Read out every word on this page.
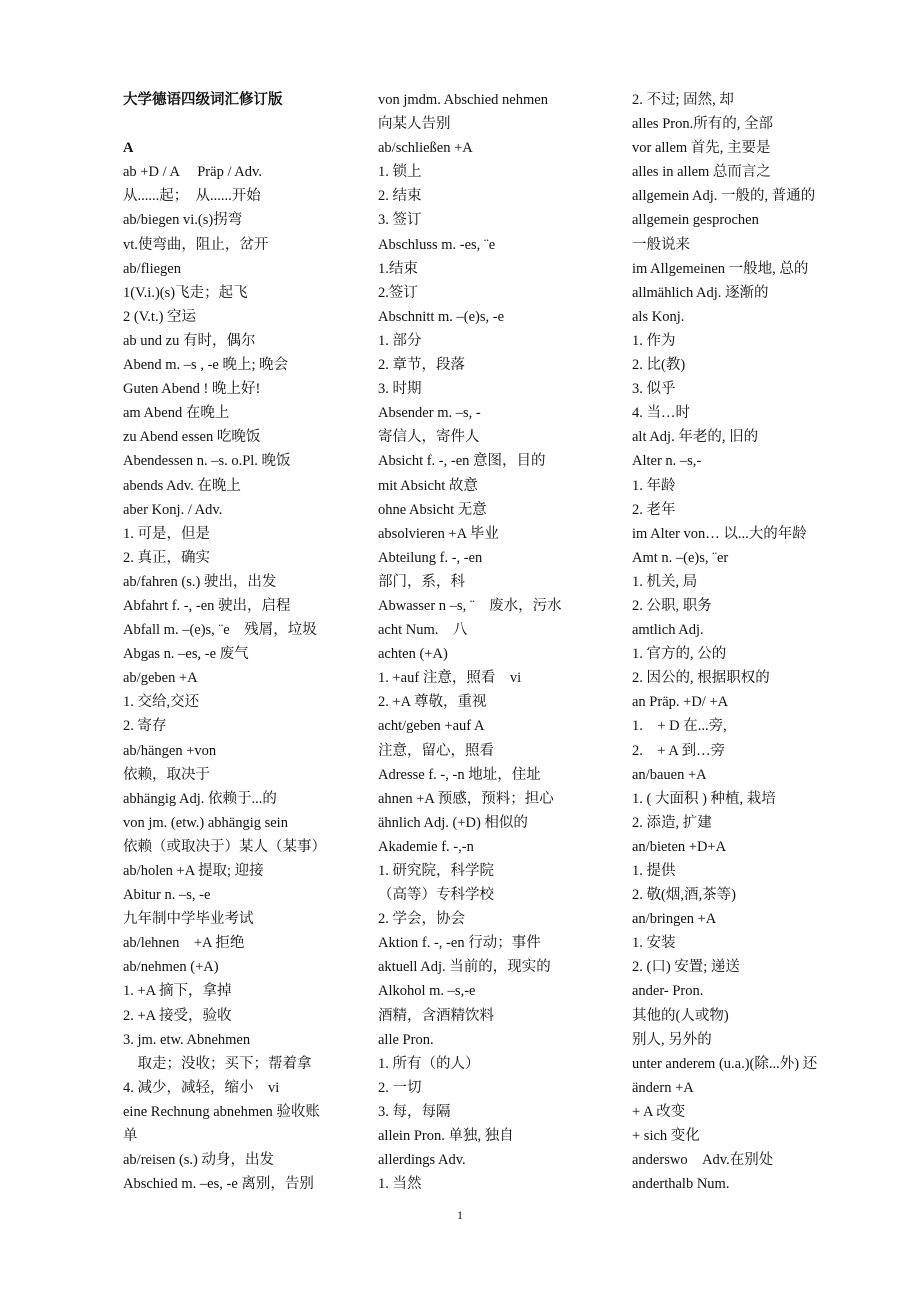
大学德语四级词汇修订版
A
ab +D / A　 Präp / Adv.
从......起；　从......开始
ab/biegen vi.(s)拐弯
vt.使弯曲，阻止，岔开
ab/fliegen
1(V.i.)(s)飞走；起飞
2 (V.t.) 空运
ab und zu 有时，偶尔
Abend m. –s , -e 晚上; 晚会
Guten Abend ! 晚上好!
am Abend 在晚上
zu Abend essen 吃晚饭
Abendessen n. –s. o.Pl. 晚饭
abends Adv. 在晚上
aber Konj. / Adv.
1. 可是，但是
2. 真正，确实
ab/fahren (s.) 驶出，出发
Abfahrt f. -, -en 驶出，启程
Abfall m. –(e)s, ¨e　残屑，垃圾
Abgas n. –es, -e 废气
ab/geben +A
1. 交给,交还
2. 寄存
ab/hängen +von
依赖，取决于
abhängig Adj. 依赖于...的
von jm. (etw.) abhängig sein
依赖（或取决于）某人（某事）
ab/holen +A 提取; 迎接
Abitur n. –s, -e
九年制中学毕业考试
ab/lehnen　+A 拒绝
ab/nehmen (+A)
1. +A 摘下，拿掉
2. +A 接受，验收
3. jm. etw. Abnehmen
　取走；没收；买下；帮着拿
4. 减少，减轻，缩小　vi
eine Rechnung abnehmen 验收账
单
ab/reisen (s.) 动身，出发
Abschied m. –es, -e 离别，告别
von jmdm. Abschied nehmen
向某人告别
ab/schließen +A
1. 锁上
2. 结束
3. 签订
Abschluss m. -es, ¨e
1.结束
2.签订
Abschnitt m. –(e)s, -e
1. 部分
2. 章节，段落
3. 时期
Absender m. –s, -
寄信人，寄件人
Absicht f. -, -en 意图，目的
mit Absicht 故意
ohne Absicht 无意
absolvieren +A 毕业
Abteilung f. -, -en
部门，系，科
Abwasser n –s, ¨　废水，污水
acht Num.　八
achten (+A)
1. +auf 注意，照看　vi
2. +A 尊敬，重视
acht/geben +auf A
注意，留心，照看
Adresse f. -, -n 地址，住址
ahnen +A 预感，预料；担心
ähnlich Adj. (+D) 相似的
Akademie f. -,-n
1. 研究院，科学院
（高等）专科学校
2. 学会，协会
Aktion f. -, -en 行动；事件
aktuell Adj. 当前的，现实的
Alkohol m. –s,-e
酒精，含酒精饮料
alle Pron.
1. 所有（的人）
2. 一切
3. 每，每隔
allein Pron. 单独, 独自
allerdings Adv.
1. 当然
2. 不过; 固然, 却
alles Pron.所有的, 全部
vor allem 首先, 主要是
alles in allem 总而言之
allgemein Adj. 一般的, 普通的
allgemein gesprochen
一般说来
im Allgemeinen 一般地, 总的
allmählich Adj. 逐渐的
als Konj.
1. 作为
2. 比(教)
3. 似乎
4. 当…时
alt Adj. 年老的, 旧的
Alter n. –s,-
1. 年龄
2. 老年
im Alter von… 以...大的年龄
Amt n. –(e)s, ¨er
1. 机关, 局
2. 公职, 职务
amtlich Adj.
1. 官方的, 公的
2. 因公的, 根据职权的
an Präp. +D/ +A
1.　+ D 在...旁,
2.　+ A 到…旁
an/bauen +A
1. ( 大面积 ) 种植, 栽培
2. 添造, 扩建
an/bieten +D+A
1. 提供
2. 敬(烟,酒,茶等)
an/bringen +A
1. 安装
2. (口) 安置; 递送
ander- Pron.
其他的(人或物)
别人, 另外的
unter anderem (u.a.)(除...外) 还
ändern +A
+ A 改变
+ sich 变化
anderswo　Adv.在别处
anderthalb Num.
1
